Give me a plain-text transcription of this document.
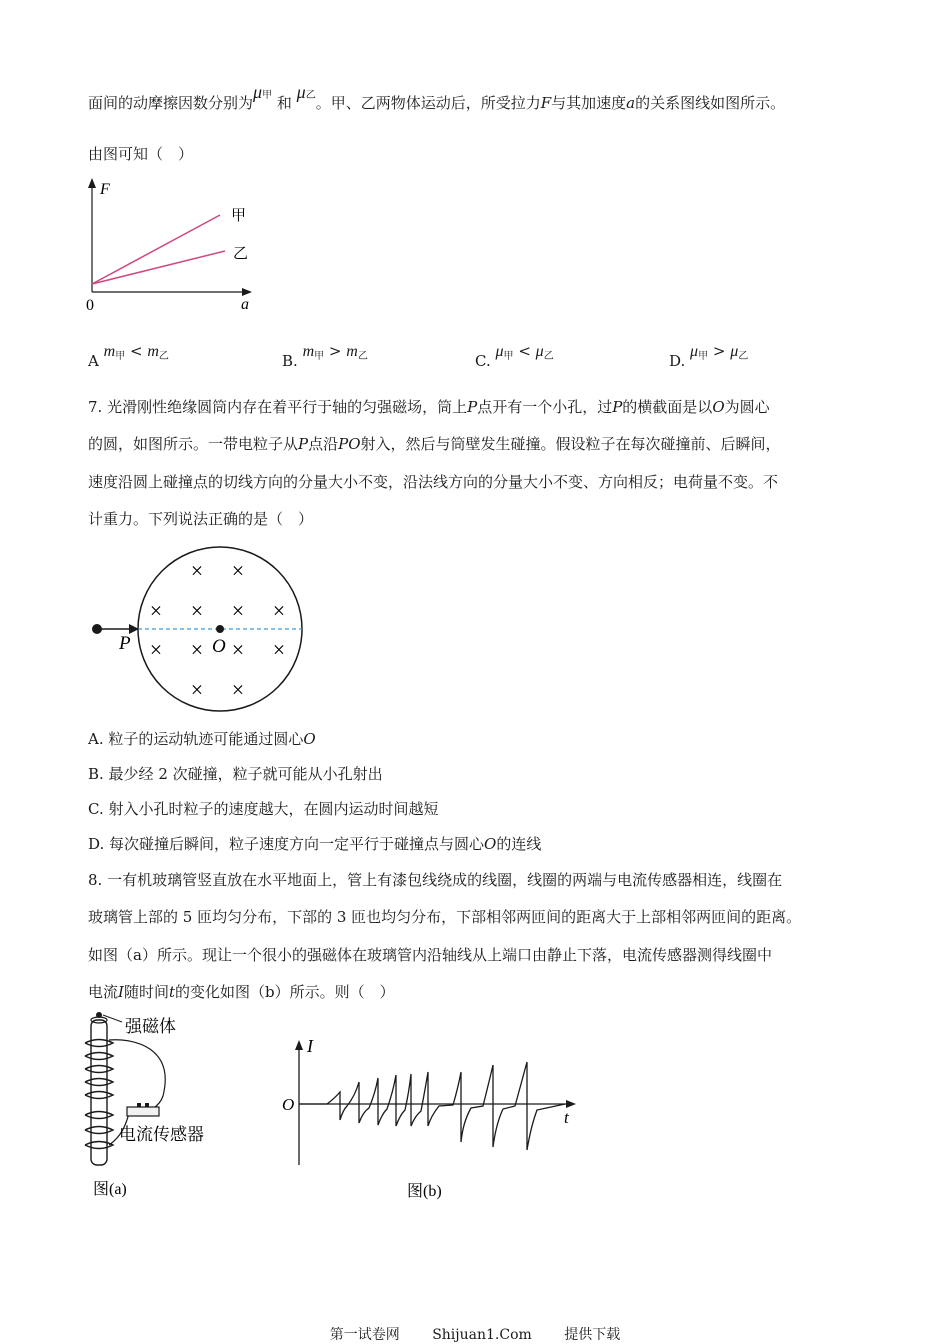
面间的动摩擦因数分别为μ甲 和 μ乙。甲、乙两物体运动后，所受拉力F与其加速度a的关系图线如图所示。
由图可知（　）
F
0	a
甲
乙
A $m_甲 < m_乙$	B. $m_甲 > m_乙$	C. $\mu_甲 < \mu_乙$	D. $\mu_甲 > \mu_乙$
7. 光滑刚性绝缘圆筒内存在着平行于轴的匀强磁场，筒上P点开有一个小孔，过P的横截面是以O为圆心
的圆，如图所示。一带电粒子从P点沿PO射入，然后与筒壁发生碰撞。假设粒子在每次碰撞前、后瞬间，
速度沿圆上碰撞点的切线方向的分量大小不变，沿法线方向的分量大小不变、方向相反；电荷量不变。不
计重力。下列说法正确的是（　）
P	O
× ×
× × × ×
× × × ×
× ×
A. 粒子的运动轨迹可能通过圆心O
B. 最少经 2 次碰撞，粒子就可能从小孔射出
C. 射入小孔时粒子的速度越大，在圆内运动时间越短
D. 每次碰撞后瞬间，粒子速度方向一定平行于碰撞点与圆心O的连线
8. 一有机玻璃管竖直放在水平地面上，管上有漆包线绕成的线圈，线圈的两端与电流传感器相连，线圈在
玻璃管上部的 5 匝均匀分布，下部的 3 匝也均匀分布，下部相邻两匝间的距离大于上部相邻两匝间的距离。
如图（a）所示。现让一个很小的强磁体在玻璃管内沿轴线从上端口由静止下落，电流传感器测得线圈中
电流I随时间t的变化如图（b）所示。则（　）
强磁体
电流传感器
图(a)
I
O
t
图(b)
第一试卷网 Shijuan1.Com 提供下载
